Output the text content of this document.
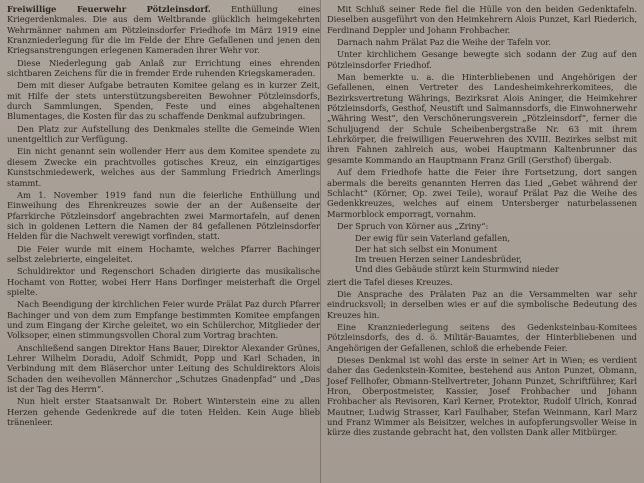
Freiwillige Feuerwehr Pötzleinsdorf. Enthüllung eines Kriegerdenkmales. Die aus dem Weltbrande glücklich heimgekehrten Wehrmänner nahmen am Pötzleinsdorfer Friedhofe im März 1919 eine Kranzniederlegung für die im Felde der Ehre Gefallenen und jenen den Kriegsanstrengungen erlegenen Kameraden ihrer Wehr vor.

Diese Niederlegung gab Anlaß zur Errichtung eines ehrenden sichtbaren Zeichens für die in fremder Erde ruhenden Kriegskameraden.

Dem mit dieser Aufgabe betrauten Komitee gelang es in kurzer Zeit, mit Hilfe der stets unterstützungsbereiten Bewohner Pötzleinsdorfs, durch Sammlungen, Spenden, Feste und eines abgehaltenen Blumentages, die Kosten für das zu schaffende Denkmal aufzubringen.

Den Platz zur Aufstellung des Denkmales stellte die Gemeinde Wien unentgeltlich zur Verfügung.

Ein nicht genannt sein wollender Herr aus dem Komitee spendete zu diesem Zwecke ein prachtvolles gotisches Kreuz, ein einzigartiges Kunstschmiedewerk, welches aus der Sammlung Friedrich Amerlings stammt.

Am 1. November 1919 fand nun die feierliche Enthüllung und Einweihung des Ehrenkreuzes sowie der an der Außenseite der Pfarrkirche Pötzleinsdorf angebrachten zwei Marmortafeln, auf denen sich in goldenen Lettern die Namen der 84 gefallenen Pötzleinsdorfer Helden für die Nachwelt verewigt vorfinden, statt.

Die Feier wurde mit einem Hochamte, welches Pfarrer Bachinger selbst zelebrierte, eingeleitet.

Schuldirektor und Regenschori Schaden dirigierte das musikalische Hochamt von Rotter, wobei Herr Hans Dorfinger meisterhaft die Orgel spielte.

Nach Beendigung der kirchlichen Feier wurde Prälat Paz durch Pfarrer Bachinger und von dem zum Empfange bestimmten Komitee empfangen und zum Eingang der Kirche geleitet, wo ein Schülerchor, Mitglieder der Volksoper, einen stimmungsvollen Choral zum Vortrag brachten.

Anschließend sangen Direktor Hans Bauer, Direktor Alexander Grünes, Lehrer Wilhelm Doradu, Adolf Schmidt, Popp und Karl Schaden, in Verbindung mit dem Bläserchor unter Leitung des Schuldirektors Alois Schaden den weihevollen Männerchor „Schutzes Gnadenpfad“ und „Das ist der Tag des Herrn“.

Nun hielt erster Staatsanwalt Dr. Robert Winterstein eine zu allen Herzen gehende Gedenkrede auf die toten Helden. Kein Auge blieb tränenleer.

Mit Schluß seiner Rede fiel die Hülle von den beiden Gedenktafeln. Dieselben ausgeführt von den Heimkehrern Alois Punzet, Karl Riederich, Ferdinand Deppler und Johann Frohbacher.

Darnach nahm Prälat Paz die Weihe der Tafeln vor.

Unter kirchlichem Gesange bewegte sich sodann der Zug auf den Pötzleinsdorfer Friedhof.

Man bemerkte u. a. die Hinterbliebenen und Angehörigen der Gefallenen, einen Vertreter des Landesheimkehrerkomitees, die Bezirksvertretung Währings, Bezirksrat Alois Aninger, die Heimkehrer Pötzleinsdorfs, Gesthof, Neustift und Salmannsdorfs, die Einwohnerwehr „Währing West“, den Verschönerungsverein „Pötzleinsdorf“, ferner die Schuljugend der Schule Scheibenbergstraße Nr. 63 mit ihrem Lehrkörper, die freiwilligen Feuerwehren des XVIII. Bezirkes selbst mit ihren Fahnen zahlreich aus, wobei Hauptmann Kaltenbrunner das gesamte Kommando an Hauptmann Franz Grill (Gersthof) übergab.

Auf dem Friedhofe hatte die Feier ihre Fortsetzung, dort sangen abermals die bereits genannten Herren das Lied „Gebet während der Schlacht“ (Körner, Op. zwei Teile), worauf Prälat Paz die Weihe des Gedenkkreuzes, welches auf einem Untersberger naturbelassenen Marmorblock emporragt, vornahm.

Der Spruch von Körner aus „Zriny“:

Der ewig für sein Vaterland gefallen,
Der hat sich selbst ein Monument
Im treuen Herzen seiner Landesbrüder,
Und dies Gebäude stürzt kein Sturmwind nieder

ziert die Tafel dieses Kreuzes.

Die Ansprache des Prälaten Paz an die Versammelten war sehr eindrucksvoll; in derselben wies er auf die symbolische Bedeutung des Kreuzes hin.

Eine Kranzniederlegung seitens des Gedenksteinbau-Komitees Pötzleinsdorfs, des d. ö. Militär-Bauamtes, der Hinterbliebenen und Angehörigen der Gefallenen, schloß die erhebende Feier.

Dieses Denkmal ist wohl das erste in seiner Art in Wien; es verdient daher das Gedenkstein-Komitee, bestehend aus Anton Punzet, Obmann, Josef Fellhofer, Obmann-Stellvertreter, Johann Punzet, Schriftführer, Karl Hron, Oberpostmeister, Kassier, Josef Frohbacher und Johann Frohbacher als Revisoren, Karl Kerner, Protektor, Rudolf Ulrich, Konrad Mautner, Ludwig Strasser, Karl Faulhaber, Stefan Weinmann, Karl Marz und Franz Wimmer als Beisitzer, welches in aufopferungsvoller Weise in kürze dies zustande gebracht hat, den vollsten Dank aller Mitbürger.
